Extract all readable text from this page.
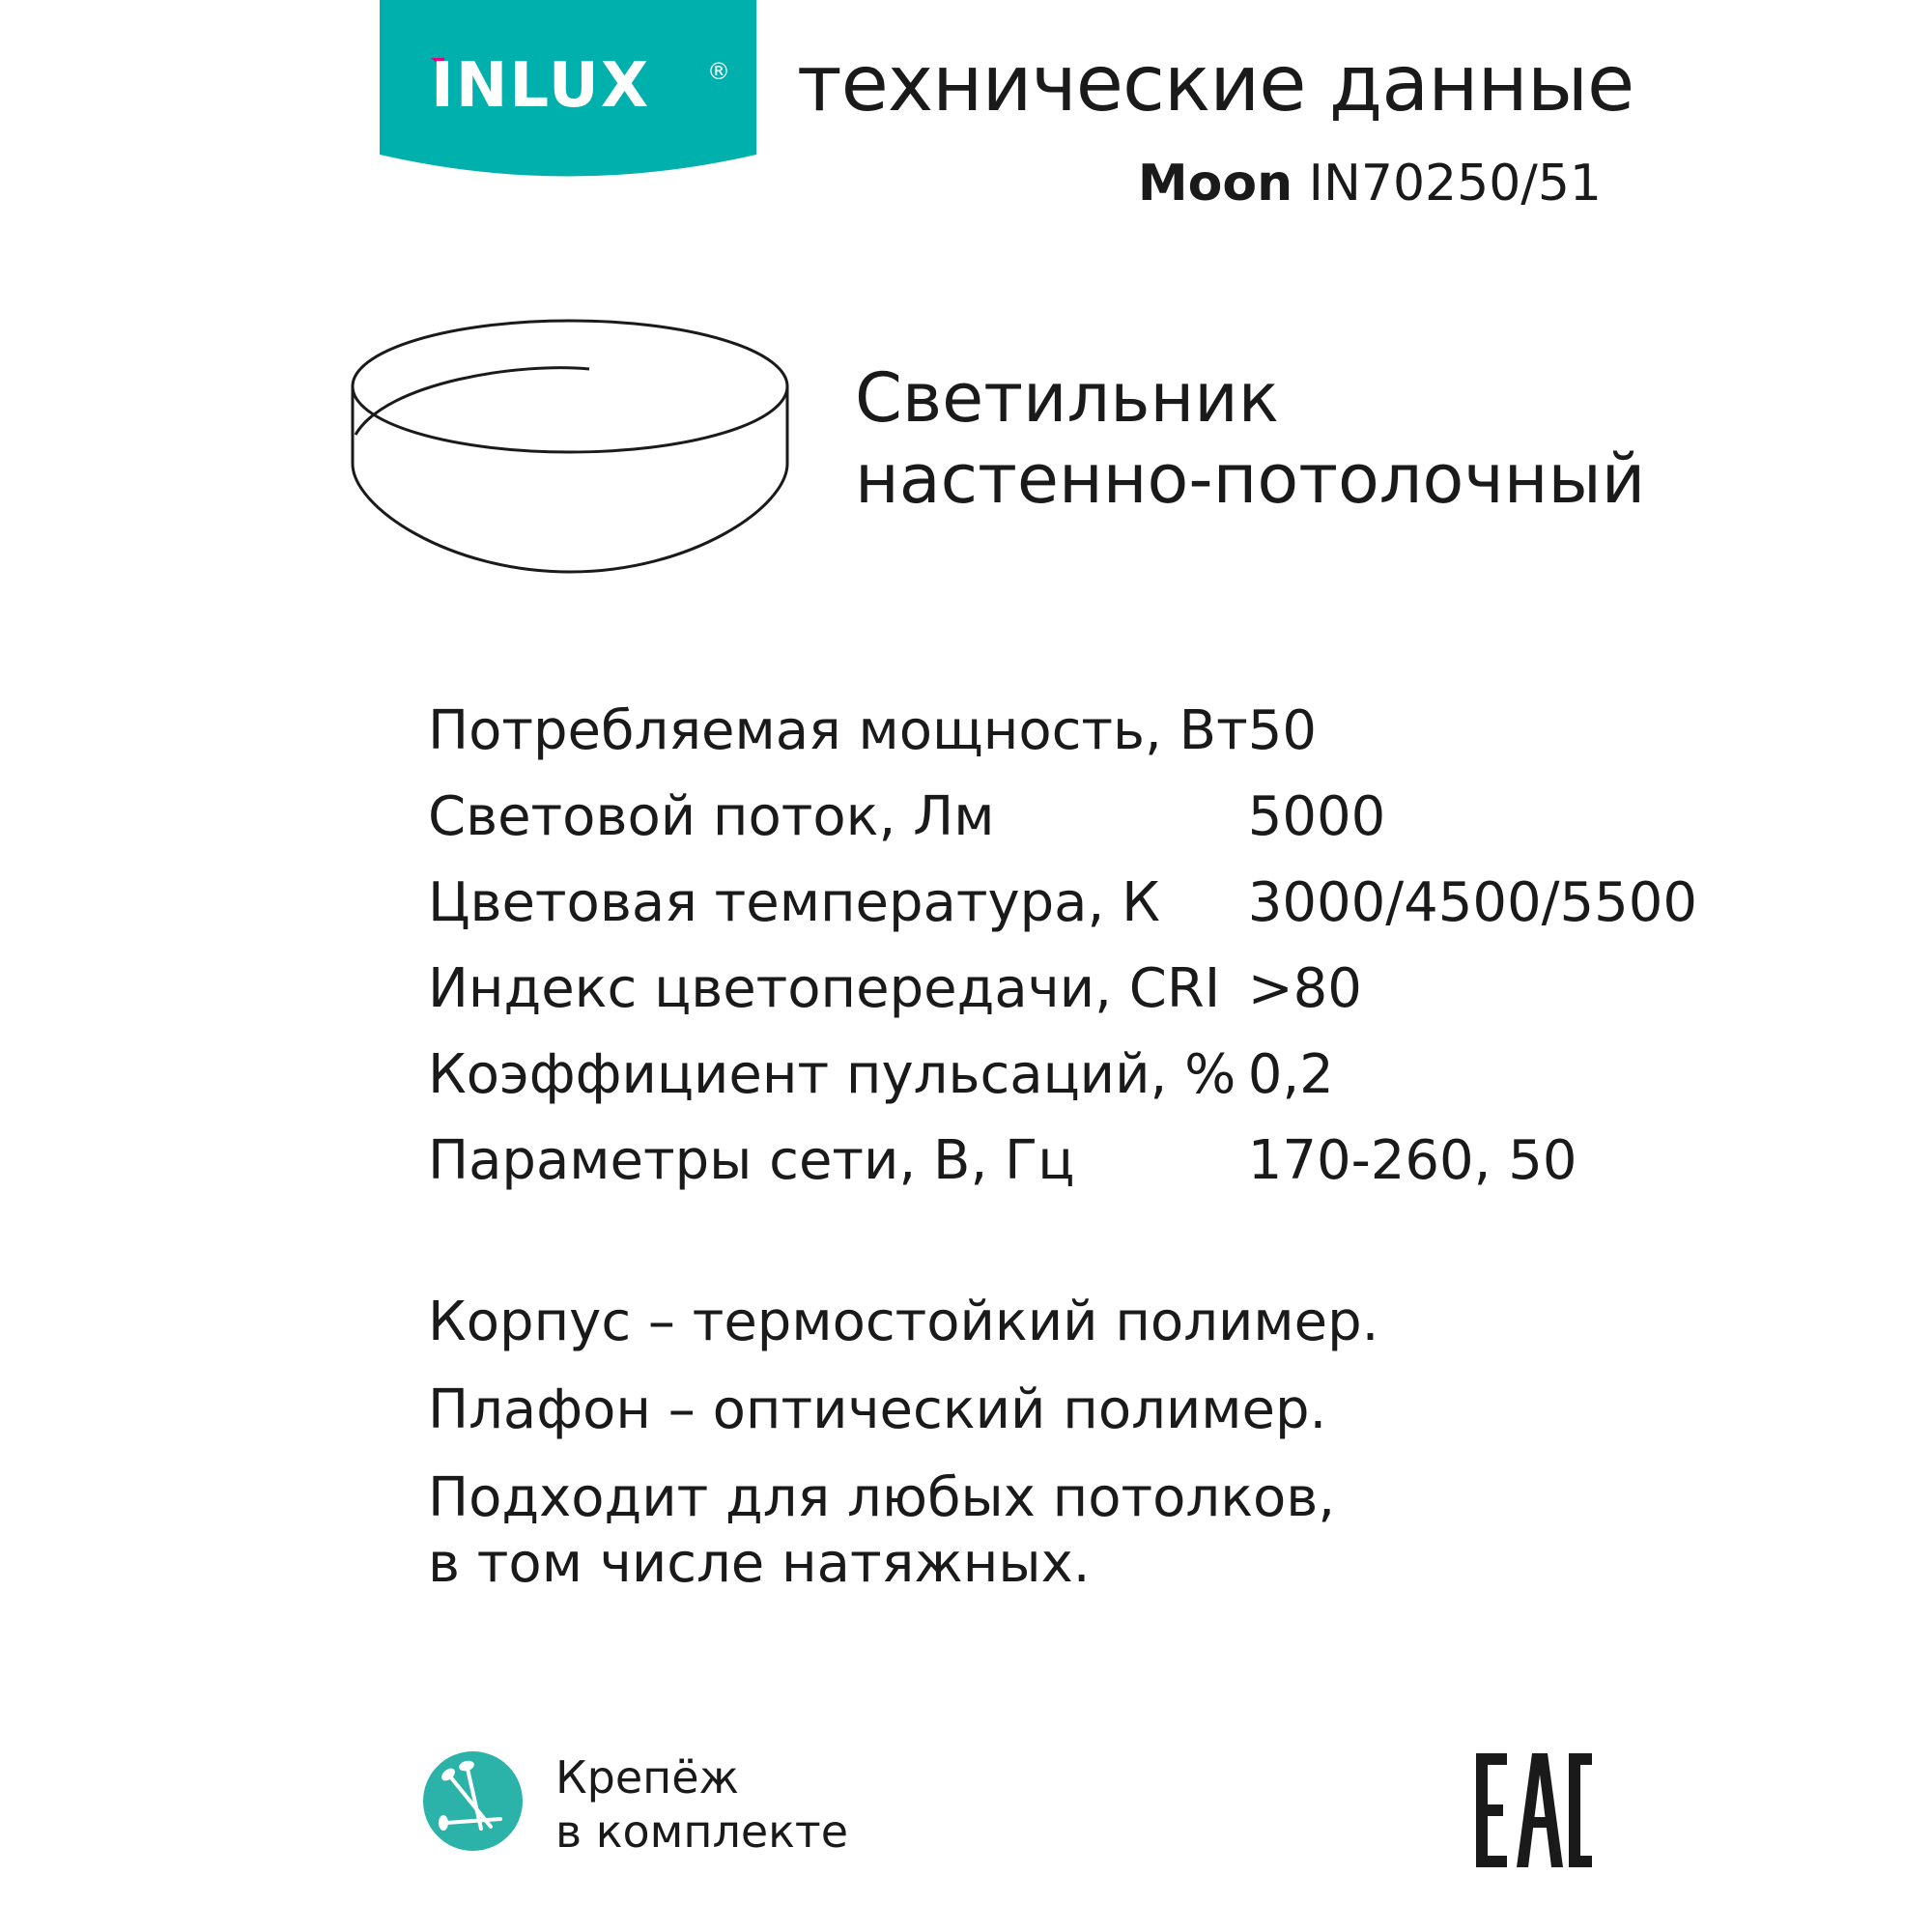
INLUX ® технические данные
Moon IN70250/51
Светильник
настенно-потолочный
Потребляемая мощность, Вт	50
Световой поток, Лм	5000
Цветовая температура, К	3000/4500/5500
Индекс цветопередачи, CRI	>80
Коэффициент пульсаций, %	0,2
Параметры сети, В, Гц	170-260, 50

Корпус – термостойкий полимер.

Плафон – оптический полимер.

Подходит для любых потолков,
в том числе натяжных.

Крепёж
в комплекте
